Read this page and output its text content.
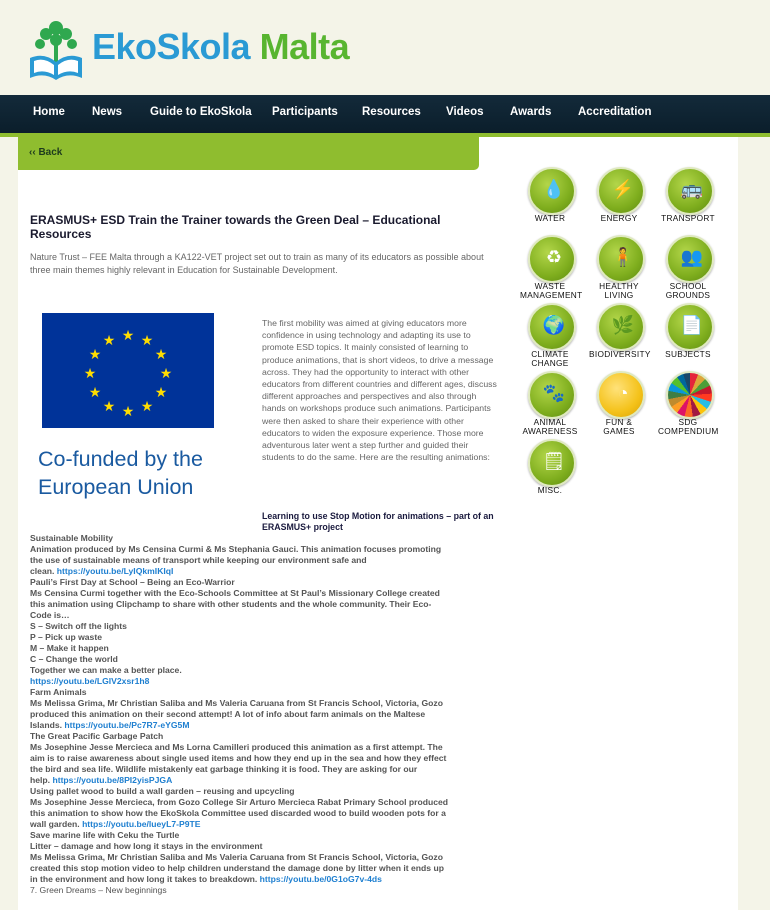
EkoSkola Malta
Home News Guide to EkoSkola Participants Resources Videos Awards Accreditation
‹‹ Back
ERASMUS+ ESD Train the Trainer towards the Green Deal – Educational Resources
Nature Trust – FEE Malta through a KA122-VET project set out to train as many of its educators as possible about three main themes highly relevant in Education for Sustainable Development.
★ ★
★
★
★
★
★
★
★
★
★
★
Co-funded by the European Union
The first mobility was aimed at giving educators more confidence in using technology and adapting its use to promote ESD topics. It mainly consisted of learning to produce animations, that is short videos, to drive a message across. They had the opportunity to interact with other educators from different countries and different ages, discuss different approaches and perspectives and also through hands on workshops produce such animations. Participants were then asked to share their experience with other educators to widen the exposure experience. Those more adventurous later went a step further and guided their students to do the same. Here are the resulting animations:
Learning to use Stop Motion for animations – part of an ERASMUS+ project
Sustainable Mobility
Animation produced by Ms Censina Curmi & Ms Stephania Gauci. This animation focuses promoting
the use of sustainable means of transport while keeping our environment safe and
clean. https://youtu.be/LyIQkmIKIqI
Pauli’s First Day at School – Being an Eco-Warrior
Ms Censina Curmi together with the Eco-Schools Committee at St Paul’s Missionary College created
this animation using Clipchamp to share with other students and the whole community. Their Eco-
Code is…
S – Switch off the lights
P – Pick up waste
M – Make it happen
C – Change the world
Together we can make a better place.
https://youtu.be/LGlV2xsr1h8
Farm Animals
Ms Melissa Grima, Mr Christian Saliba and Ms Valeria Caruana from St Francis School, Victoria, Gozo
produced this animation on their second attempt! A lot of info about farm animals on the Maltese
Islands. https://youtu.be/Pc7R7-eYG5M
The Great Pacific Garbage Patch
Ms Josephine Jesse Mercieca and Ms Lorna Camilleri produced this animation as a first attempt. The
aim is to raise awareness about single used items and how they end up in the sea and how they effect
the bird and sea life. Wildlife mistakenly eat garbage thinking it is food. They are asking for our
help. https://youtu.be/8PI2yisPJGA
Using pallet wood to build a wall garden – reusing and upcycling
Ms Josephine Jesse Mercieca, from Gozo College Sir Arturo Mercieca Rabat Primary School produced
this animation to show how the EkoSkola Committee used discarded wood to build wooden pots for a
wall garden. https://youtu.be/lueyL7-P9TE
Save marine life with Ceku the Turtle
Litter – damage and how long it stays in the environment
Ms Melissa Grima, Mr Christian Saliba and Ms Valeria Caruana from St Francis School, Victoria, Gozo
created this stop motion video to help children understand the damage done by litter when it ends up
in the environment and how long it takes to breakdown. https://youtu.be/0G1oG7v-4ds
7. Green Dreams – New beginnings
💧
WATER
⚡
ENERGY
🚌
TRANSPORT
♻
WASTE MANAGEMENT
🧍
HEALTHY LIVING
👥
SCHOOL GROUNDS
🌍
CLIMATE CHANGE
🌿
BIODIVERSITY
📄
SUBJECTS
🐾
ANIMAL AWARENESS
◔
FUN & GAMES
SDG COMPENDIUM
🗒
MISC.
